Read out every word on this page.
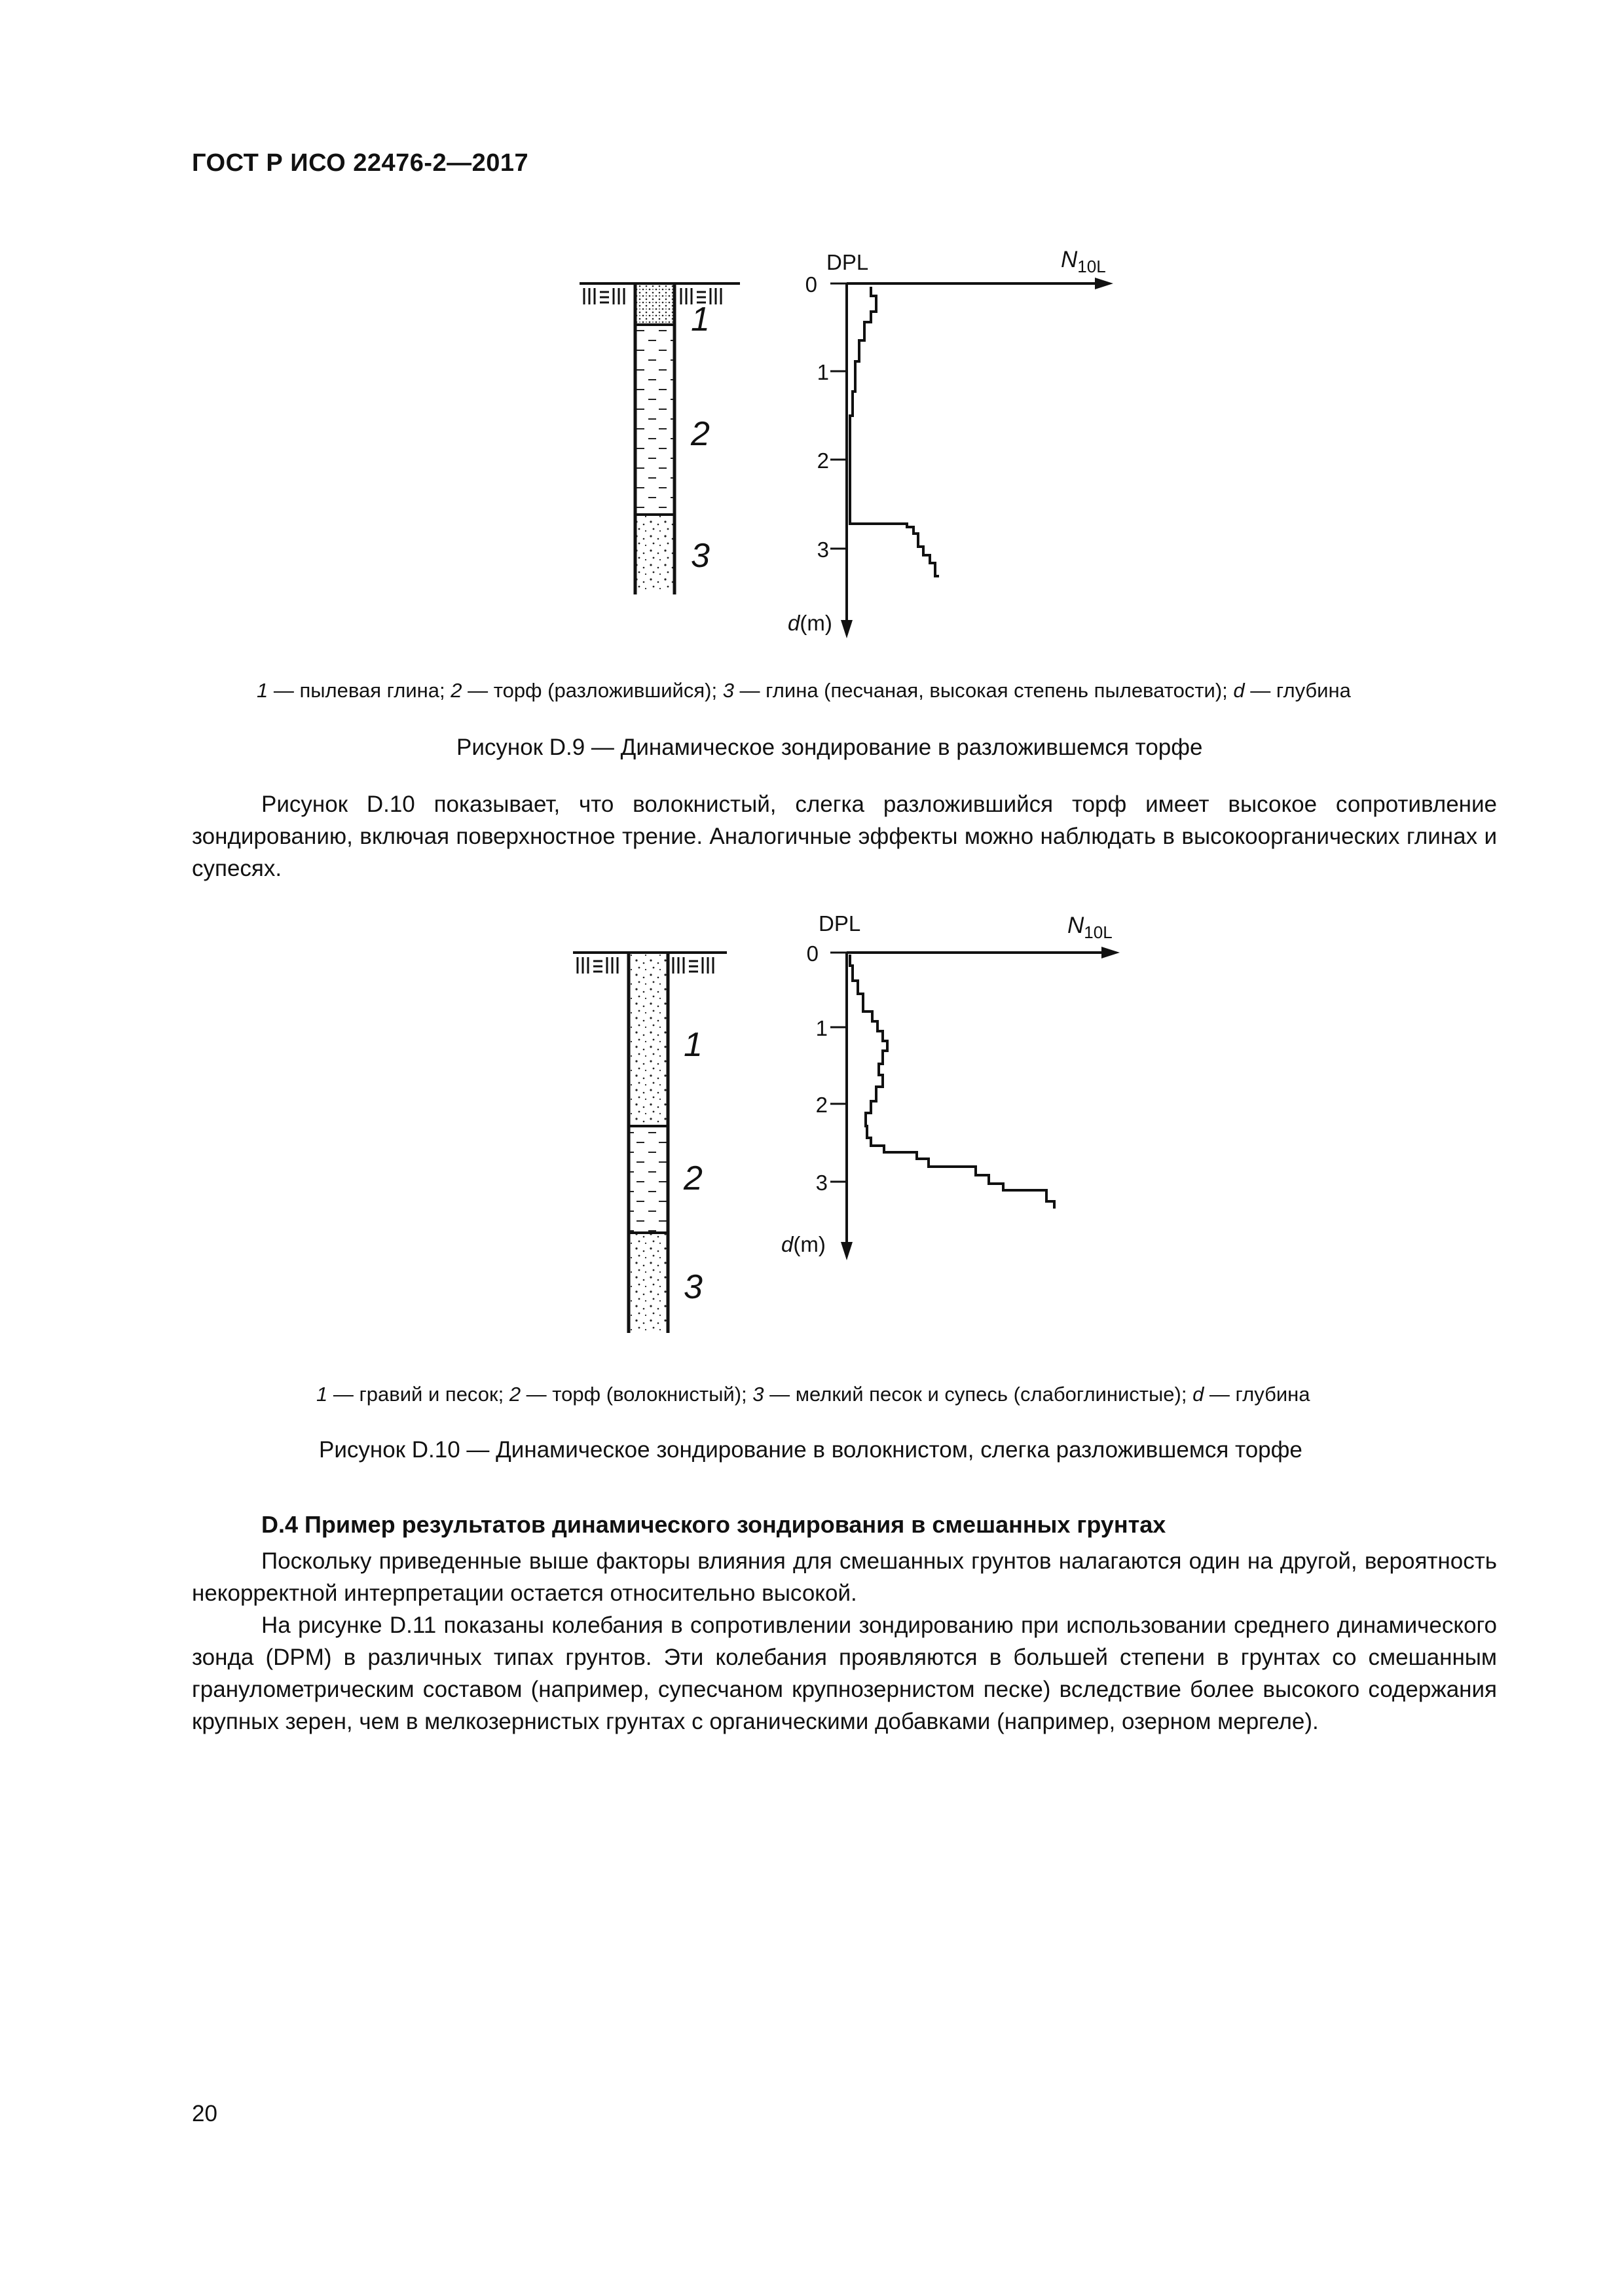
ГОСТ Р ИСО 22476-2—2017
1
2
3
0
1
2
3
DPL	N10L
d(m)
1 — пылевая глина; 2 — торф (разложившийся); 3 — глина (песчаная, высокая степень пылеватости); d — глубина
Рисунок D.9 — Динамическое зондирование в разложившемся торфе

Рисунок D.10 показывает, что волокнистый, слегка разложившийся торф имеет высокое сопротивление зондированию, включая поверхностное трение. Аналогичные эффекты можно наблюдать в высокоорганических глинах и супесях.

1
2
3
0
1
2
3
DPL	N10L
d(m)
1 — гравий и песок; 2 — торф (волокнистый); 3 — мелкий песок и супесь (слабоглинистые); d — глубина
Рисунок D.10 — Динамическое зондирование в волокнистом, слегка разложившемся торфе
D.4 Пример результатов динамического зондирования в смешанных грунтах

Поскольку приведенные выше факторы влияния для смешанных грунтов налагаются один на другой, вероятность некорректной интерпретации остается относительно высокой.

На рисунке D.11 показаны колебания в сопротивлении зондированию при использовании среднего динамического зонда (DPM) в различных типах грунтов. Эти колебания проявляются в большей степени в грунтах со смешанным гранулометрическим составом (например, супесчаном крупнозернистом песке) вследствие более высокого содержания крупных зерен, чем в мелкозернистых грунтах с органическими добавками (например, озерном мергеле).

20
